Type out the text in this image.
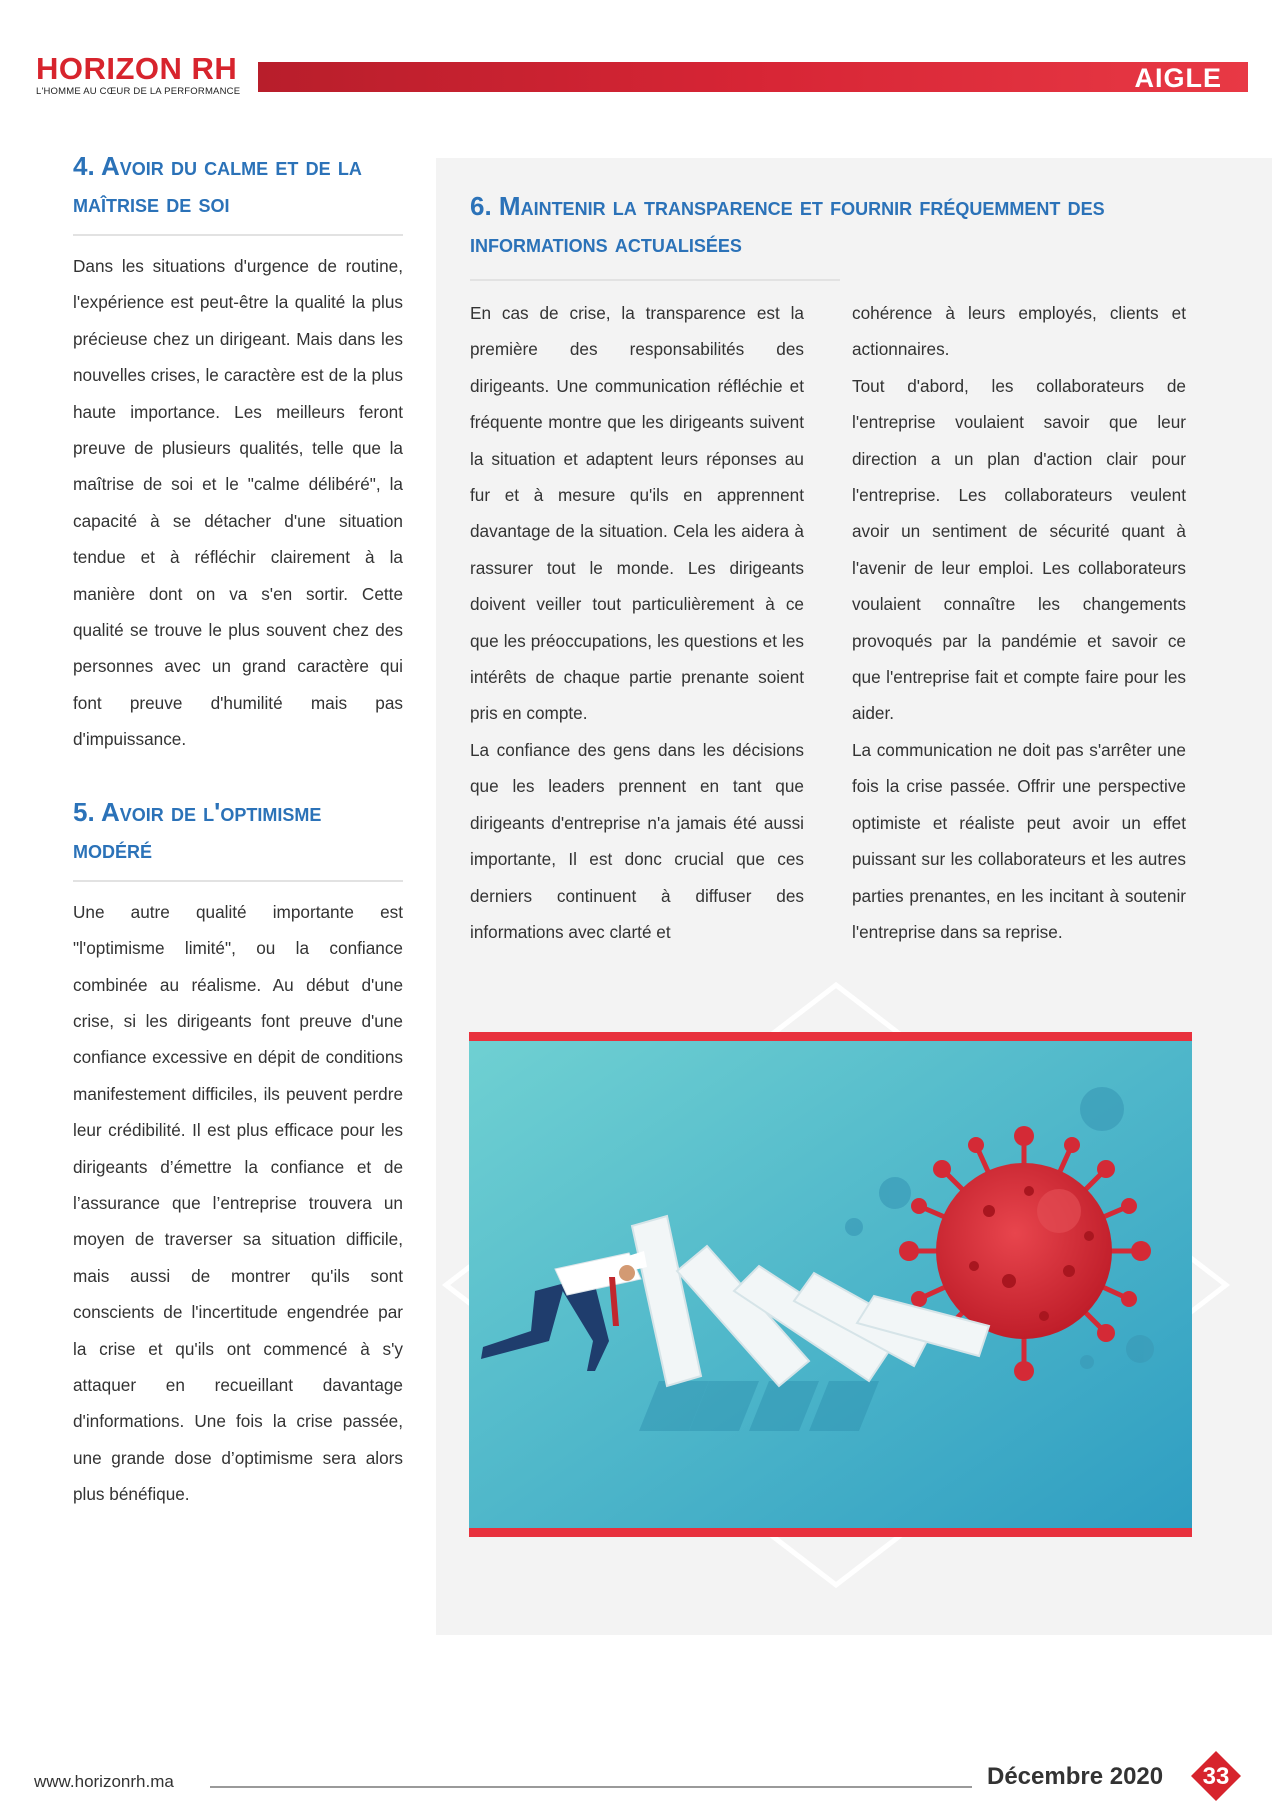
HORIZON RH
L'HOMME AU CŒUR DE LA PERFORMANCE	AIGLE
4. Avoir du calme et de la maîtrise de soi

Dans les situations d'urgence de routine, l'expérience est peut-être la qualité la plus précieuse chez un dirigeant. Mais dans les nouvelles crises, le caractère est de la plus haute importance. Les meilleurs feront preuve de plusieurs qualités, telle que la maîtrise de soi et le "calme délibéré", la capacité à se détacher d'une situation tendue et à réfléchir clairement à la manière dont on va s'en sortir. Cette qualité se trouve le plus souvent chez des personnes avec un grand caractère qui font preuve d'humilité mais pas d'impuissance.

5. Avoir de l'optimisme modéré

Une autre qualité importante est "l'optimisme limité", ou la confiance combinée au réalisme. Au début d'une crise, si les dirigeants font preuve d'une confiance excessive en dépit de conditions manifestement difficiles, ils peuvent perdre leur crédibilité. Il est plus efficace pour les dirigeants d’émettre la confiance et de l’assurance que l’entreprise trouvera un moyen de traverser sa situation difficile, mais aussi de montrer qu'ils sont conscients de l'incertitude engendrée par la crise et qu'ils ont commencé à s'y attaquer en recueillant davantage d'informations. Une fois la crise passée, une grande dose d’optimisme sera alors plus bénéfique.

6. Maintenir la transparence et fournir fréquemment des informations actualisées

En cas de crise, la transparence est la première des responsabilités des dirigeants. Une communication réfléchie et fréquente montre que les dirigeants suivent la situation et adaptent leurs réponses au fur et à mesure qu'ils en apprennent davantage de la situation. Cela les aidera à rassurer tout le monde. Les dirigeants doivent veiller tout particulièrement à ce que les préoccupations, les questions et les intérêts de chaque partie prenante soient pris en compte.

La confiance des gens dans les décisions que les leaders prennent en tant que dirigeants d'entreprise n'a jamais été aussi importante, Il est donc crucial que ces derniers continuent à diffuser des informations avec clarté et

cohérence à leurs employés, clients et actionnaires.

Tout d'abord, les collaborateurs de l'entreprise voulaient savoir que leur direction a un plan d'action clair pour l'entreprise. Les collaborateurs veulent avoir un sentiment de sécurité quant à l'avenir de leur emploi. Les collaborateurs voulaient connaître les changements provoqués par la pandémie et savoir ce que l'entreprise fait et compte faire pour les aider.

La communication ne doit pas s'arrêter une fois la crise passée. Offrir une perspective optimiste et réaliste peut avoir un effet puissant sur les collaborateurs et les autres parties prenantes, en les incitant à soutenir l'entreprise dans sa reprise.

www.horizonrh.ma	Décembre 2020	33
